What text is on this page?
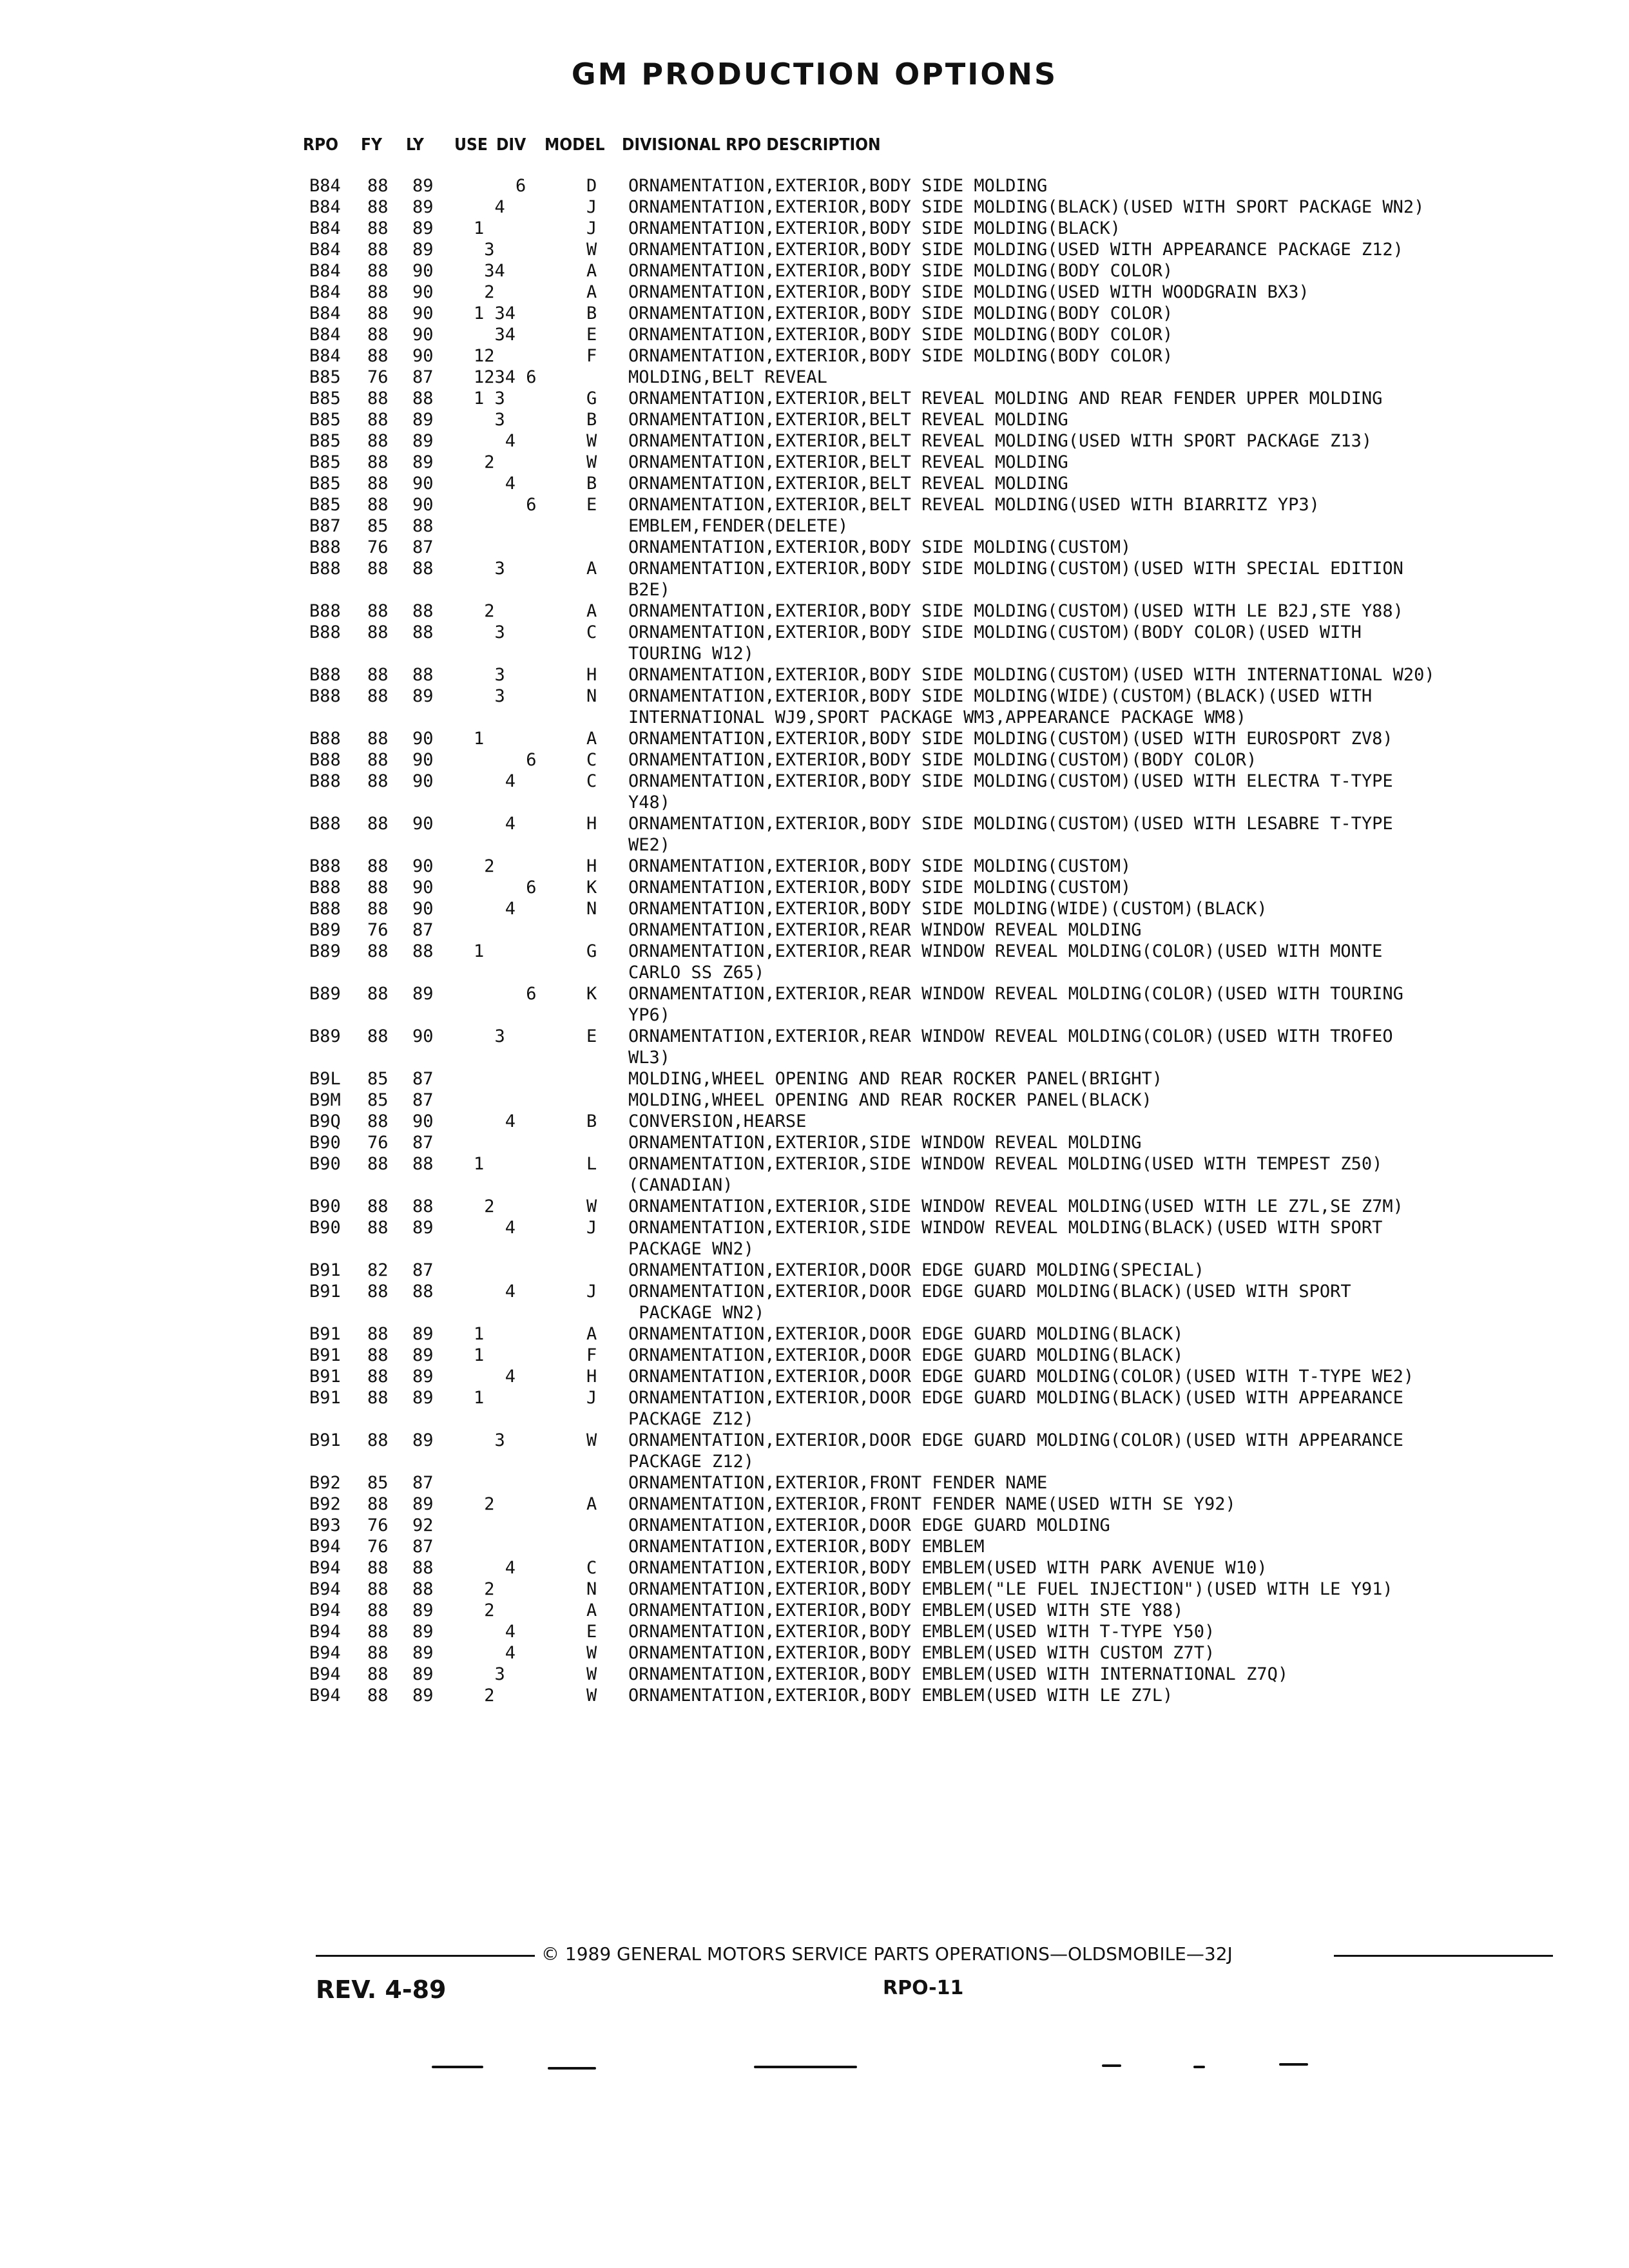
GM PRODUCTION OPTIONS
RPO FY LY USE DIV MODEL DIVISIONAL RPO DESCRIPTION
B84 88 89 6	D ORNAMENTATION,EXTERIOR,BODY SIDE MOLDING
B84 88 89 4	J ORNAMENTATION,EXTERIOR,BODY SIDE MOLDING(BLACK)(USED WITH SPORT PACKAGE WN2)
B84 88 89 1	J ORNAMENTATION,EXTERIOR,BODY SIDE MOLDING(BLACK)
B84 88 89 3	W ORNAMENTATION,EXTERIOR,BODY SIDE MOLDING(USED WITH APPEARANCE PACKAGE Z12)
B84 88 90 34	A ORNAMENTATION,EXTERIOR,BODY SIDE MOLDING(BODY COLOR)
B84 88 90 2	A ORNAMENTATION,EXTERIOR,BODY SIDE MOLDING(USED WITH WOODGRAIN BX3)
B84 88 90 1 34	B ORNAMENTATION,EXTERIOR,BODY SIDE MOLDING(BODY COLOR)
B84 88 90 34	E ORNAMENTATION,EXTERIOR,BODY SIDE MOLDING(BODY COLOR)
B84 88 90 12	F ORNAMENTATION,EXTERIOR,BODY SIDE MOLDING(BODY COLOR)
B85 76 87 1234 6	MOLDING,BELT REVEAL
B85 88 88 1 3	G ORNAMENTATION,EXTERIOR,BELT REVEAL MOLDING AND REAR FENDER UPPER MOLDING
B85 88 89 3	B ORNAMENTATION,EXTERIOR,BELT REVEAL MOLDING
B85 88 89 4	W ORNAMENTATION,EXTERIOR,BELT REVEAL MOLDING(USED WITH SPORT PACKAGE Z13)
B85 88 89 2	W ORNAMENTATION,EXTERIOR,BELT REVEAL MOLDING
B85 88 90 4	B ORNAMENTATION,EXTERIOR,BELT REVEAL MOLDING
B85 88 90 6	E ORNAMENTATION,EXTERIOR,BELT REVEAL MOLDING(USED WITH BIARRITZ YP3)
B87 85 88	EMBLEM,FENDER(DELETE)
B88 76 87	ORNAMENTATION,EXTERIOR,BODY SIDE MOLDING(CUSTOM)
B88 88 88 3	A ORNAMENTATION,EXTERIOR,BODY SIDE MOLDING(CUSTOM)(USED WITH SPECIAL EDITION
B2E)
B88 88 88 2	A ORNAMENTATION,EXTERIOR,BODY SIDE MOLDING(CUSTOM)(USED WITH LE B2J,STE Y88)
B88 88 88 3	C ORNAMENTATION,EXTERIOR,BODY SIDE MOLDING(CUSTOM)(BODY COLOR)(USED WITH
TOURING W12)
B88 88 88 3	H ORNAMENTATION,EXTERIOR,BODY SIDE MOLDING(CUSTOM)(USED WITH INTERNATIONAL W20)
B88 88 89 3	N ORNAMENTATION,EXTERIOR,BODY SIDE MOLDING(WIDE)(CUSTOM)(BLACK)(USED WITH
INTERNATIONAL WJ9,SPORT PACKAGE WM3,APPEARANCE PACKAGE WM8)
B88 88 90 1	A ORNAMENTATION,EXTERIOR,BODY SIDE MOLDING(CUSTOM)(USED WITH EUROSPORT ZV8)
B88 88 90 6	C ORNAMENTATION,EXTERIOR,BODY SIDE MOLDING(CUSTOM)(BODY COLOR)
B88 88 90 4	C ORNAMENTATION,EXTERIOR,BODY SIDE MOLDING(CUSTOM)(USED WITH ELECTRA T-TYPE
Y48)
B88 88 90 4	H ORNAMENTATION,EXTERIOR,BODY SIDE MOLDING(CUSTOM)(USED WITH LESABRE T-TYPE
WE2)
B88 88 90 2	H ORNAMENTATION,EXTERIOR,BODY SIDE MOLDING(CUSTOM)
B88 88 90 6	K ORNAMENTATION,EXTERIOR,BODY SIDE MOLDING(CUSTOM)
B88 88 90 4	N ORNAMENTATION,EXTERIOR,BODY SIDE MOLDING(WIDE)(CUSTOM)(BLACK)
B89 76 87	ORNAMENTATION,EXTERIOR,REAR WINDOW REVEAL MOLDING
B89 88 88 1	G ORNAMENTATION,EXTERIOR,REAR WINDOW REVEAL MOLDING(COLOR)(USED WITH MONTE
CARLO SS Z65)
B89 88 89 6	K ORNAMENTATION,EXTERIOR,REAR WINDOW REVEAL MOLDING(COLOR)(USED WITH TOURING
YP6)
B89 88 90 3	E ORNAMENTATION,EXTERIOR,REAR WINDOW REVEAL MOLDING(COLOR)(USED WITH TROFEO
WL3)
B9L 85 87	MOLDING,WHEEL OPENING AND REAR ROCKER PANEL(BRIGHT)
B9M 85 87	MOLDING,WHEEL OPENING AND REAR ROCKER PANEL(BLACK)
B9Q 88 90 4	B CONVERSION,HEARSE
B90 76 87	ORNAMENTATION,EXTERIOR,SIDE WINDOW REVEAL MOLDING
B90 88 88 1	L ORNAMENTATION,EXTERIOR,SIDE WINDOW REVEAL MOLDING(USED WITH TEMPEST Z50)
(CANADIAN)
B90 88 88 2	W ORNAMENTATION,EXTERIOR,SIDE WINDOW REVEAL MOLDING(USED WITH LE Z7L,SE Z7M)
B90 88 89 4	J ORNAMENTATION,EXTERIOR,SIDE WINDOW REVEAL MOLDING(BLACK)(USED WITH SPORT
PACKAGE WN2)
B91 82 87	ORNAMENTATION,EXTERIOR,DOOR EDGE GUARD MOLDING(SPECIAL)
B91 88 88 4	J ORNAMENTATION,EXTERIOR,DOOR EDGE GUARD MOLDING(BLACK)(USED WITH SPORT
PACKAGE WN2)
B91 88 89 1	A ORNAMENTATION,EXTERIOR,DOOR EDGE GUARD MOLDING(BLACK)
B91 88 89 1	F ORNAMENTATION,EXTERIOR,DOOR EDGE GUARD MOLDING(BLACK)
B91 88 89 4	H ORNAMENTATION,EXTERIOR,DOOR EDGE GUARD MOLDING(COLOR)(USED WITH T-TYPE WE2)
B91 88 89 1	J ORNAMENTATION,EXTERIOR,DOOR EDGE GUARD MOLDING(BLACK)(USED WITH APPEARANCE
PACKAGE Z12)
B91 88 89 3	W ORNAMENTATION,EXTERIOR,DOOR EDGE GUARD MOLDING(COLOR)(USED WITH APPEARANCE
PACKAGE Z12)
B92 85 87	ORNAMENTATION,EXTERIOR,FRONT FENDER NAME
B92 88 89 2	A ORNAMENTATION,EXTERIOR,FRONT FENDER NAME(USED WITH SE Y92)
B93 76 92	ORNAMENTATION,EXTERIOR,DOOR EDGE GUARD MOLDING
B94 76 87	ORNAMENTATION,EXTERIOR,BODY EMBLEM
B94 88 88 4	C ORNAMENTATION,EXTERIOR,BODY EMBLEM(USED WITH PARK AVENUE W10)
B94 88 88 2	N ORNAMENTATION,EXTERIOR,BODY EMBLEM("LE FUEL INJECTION")(USED WITH LE Y91)
B94 88 89 2	A ORNAMENTATION,EXTERIOR,BODY EMBLEM(USED WITH STE Y88)
B94 88 89 4	E ORNAMENTATION,EXTERIOR,BODY EMBLEM(USED WITH T-TYPE Y50)
B94 88 89 4	W ORNAMENTATION,EXTERIOR,BODY EMBLEM(USED WITH CUSTOM Z7T)
B94 88 89 3	W ORNAMENTATION,EXTERIOR,BODY EMBLEM(USED WITH INTERNATIONAL Z7Q)
B94 88 89 2	W ORNAMENTATION,EXTERIOR,BODY EMBLEM(USED WITH LE Z7L)
© 1989 GENERAL MOTORS SERVICE PARTS OPERATIONS—OLDSMOBILE—32J
REV. 4-89	RPO-11
